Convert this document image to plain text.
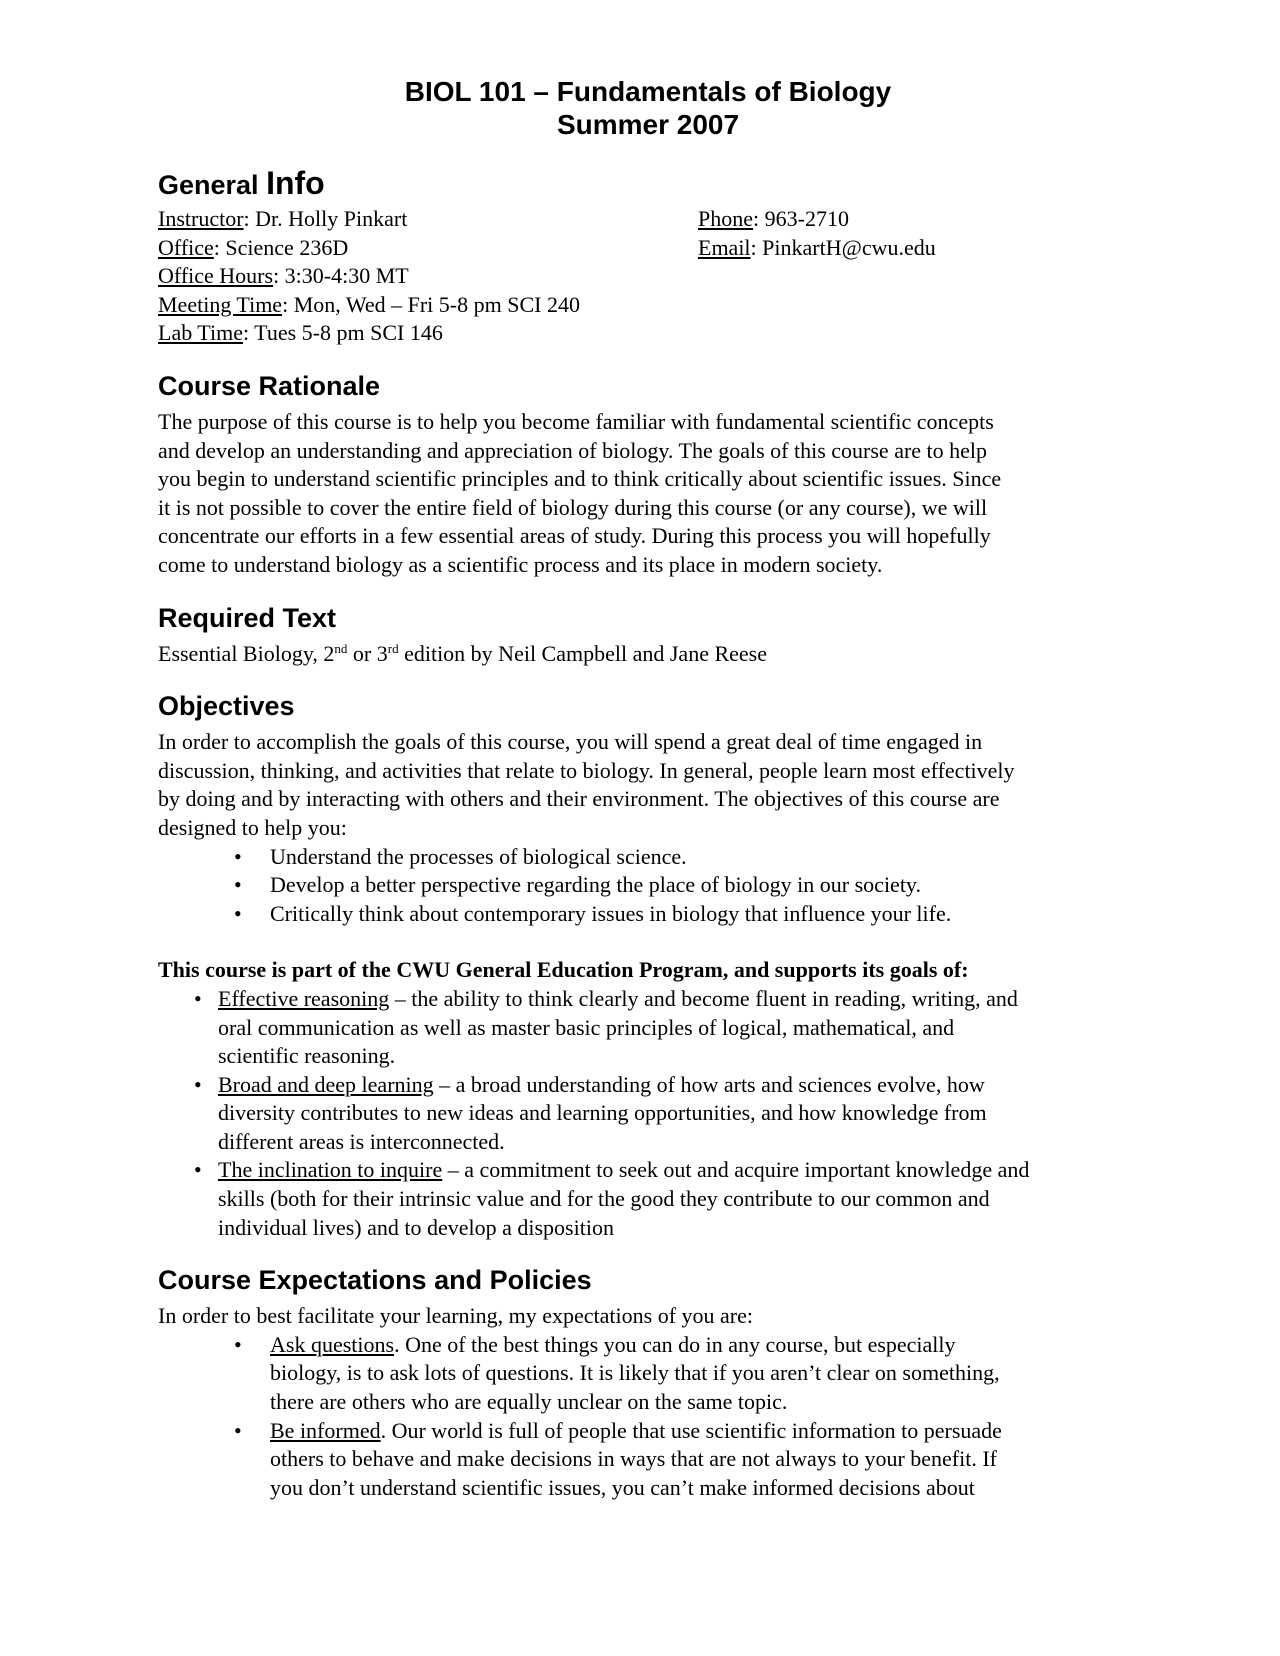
BIOL 101 – Fundamentals of Biology
Summer 2007
General Info
Instructor: Dr. Holly Pinkart
Office: Science 236D
Office Hours: 3:30-4:30 MT
Meeting Time: Mon, Wed – Fri 5-8 pm SCI 240
Lab Time: Tues 5-8 pm SCI 146
Phone: 963-2710
Email: PinkartH@cwu.edu
Course Rationale
The purpose of this course is to help you become familiar with fundamental scientific concepts
and develop an understanding and appreciation of biology. The goals of this course are to help
you begin to understand scientific principles and to think critically about scientific issues. Since
it is not possible to cover the entire field of biology during this course (or any course), we will
concentrate our efforts in a few essential areas of study. During this process you will hopefully
come to understand biology as a scientific process and its place in modern society.
Required Text
Essential Biology, 2nd or 3rd edition by Neil Campbell and Jane Reese
Objectives
In order to accomplish the goals of this course, you will spend a great deal of time engaged in
discussion, thinking, and activities that relate to biology. In general, people learn most effectively
by doing and by interacting with others and their environment. The objectives of this course are
designed to help you:
• Understand the processes of biological science.
• Develop a better perspective regarding the place of biology in our society.
• Critically think about contemporary issues in biology that influence your life.
This course is part of the CWU General Education Program, and supports its goals of:
• Effective reasoning – the ability to think clearly and become fluent in reading, writing, and
oral communication as well as master basic principles of logical, mathematical, and
scientific reasoning.
• Broad and deep learning – a broad understanding of how arts and sciences evolve, how
diversity contributes to new ideas and learning opportunities, and how knowledge from
different areas is interconnected.
• The inclination to inquire – a commitment to seek out and acquire important knowledge and
skills (both for their intrinsic value and for the good they contribute to our common and
individual lives) and to develop a disposition
Course Expectations and Policies
In order to best facilitate your learning, my expectations of you are:
• Ask questions. One of the best things you can do in any course, but especially
biology, is to ask lots of questions. It is likely that if you aren’t clear on something,
there are others who are equally unclear on the same topic.
• Be informed. Our world is full of people that use scientific information to persuade
others to behave and make decisions in ways that are not always to your benefit. If
you don’t understand scientific issues, you can’t make informed decisions about
